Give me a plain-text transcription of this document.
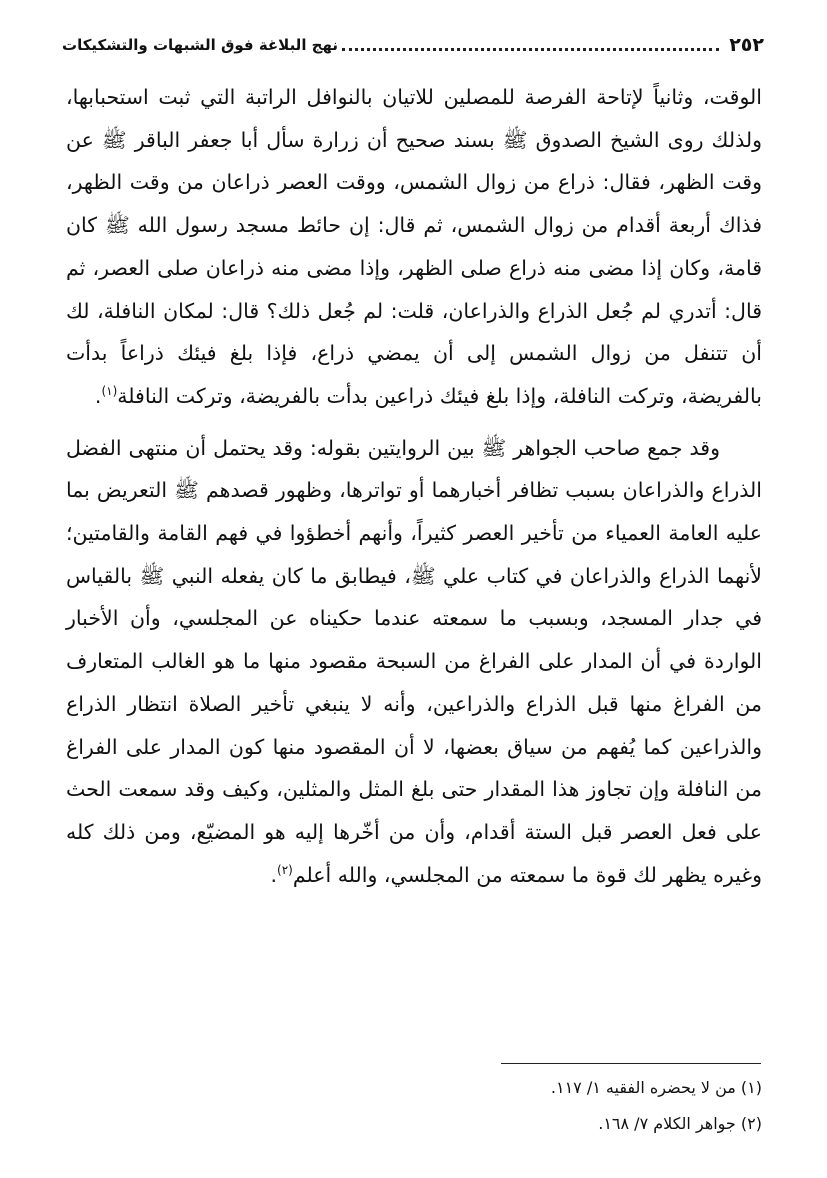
٢٥٢
نهج البلاغة فوق الشبهات والتشكيكات

الوقت، وثانياً لإتاحة الفرصة للمصلين للاتيان بالنوافل الراتبة التي ثبت استحبابها، ولذلك روى الشيخ الصدوق ﷺ بسند صحيح أن زرارة سأل أبا جعفر الباقر ﷺ عن وقت الظهر، فقال: ذراع من زوال الشمس، ووقت العصر ذراعان من وقت الظهر، فذاك أربعة أقدام من زوال الشمس، ثم قال: إن حائط مسجد رسول الله ﷺ كان قامة، وكان إذا مضى منه ذراع صلى الظهر، وإذا مضى منه ذراعان صلى العصر، ثم قال: أتدري لم جُعل الذراع والذراعان، قلت: لم جُعل ذلك؟ قال: لمكان النافلة، لك أن تتنفل من زوال الشمس إلى أن يمضي ذراع، فإذا بلغ فيئك ذراعاً بدأت بالفريضة، وتركت النافلة، وإذا بلغ فيئك ذراعين بدأت بالفريضة، وتركت النافلة$^{(١)}$.

وقد جمع صاحب الجواهر ﷺ بين الروايتين بقوله: وقد يحتمل أن منتهى الفضل الذراع والذراعان بسبب تظافر أخبارهما أو تواترها، وظهور قصدهم ﷺ التعريض بما عليه العامة العمياء من تأخير العصر كثيراً، وأنهم أخطؤوا في فهم القامة والقامتين؛ لأنهما الذراع والذراعان في كتاب علي ﷺ، فيطابق ما كان يفعله النبي ﷺ بالقياس في جدار المسجد، وبسبب ما سمعته عندما حكيناه عن المجلسي، وأن الأخبار الواردة في أن المدار على الفراغ من السبحة مقصود منها ما هو الغالب المتعارف من الفراغ منها قبل الذراع والذراعين، وأنه لا ينبغي تأخير الصلاة انتظار الذراع والذراعين كما يُفهم من سياق بعضها، لا أن المقصود منها كون المدار على الفراغ من النافلة وإن تجاوز هذا المقدار حتى بلغ المثل والمثلين، وكيف وقد سمعت الحث على فعل العصر قبل الستة أقدام، وأن من أخّرها إليه هو المضيّع، ومن ذلك كله وغيره يظهر لك قوة ما سمعته من المجلسي، والله أعلم$^{(٢)}$.

(١) من لا يحضره الفقيه ١/ ١١٧.
(٢) جواهر الكلام ٧/ ١٦٨.
